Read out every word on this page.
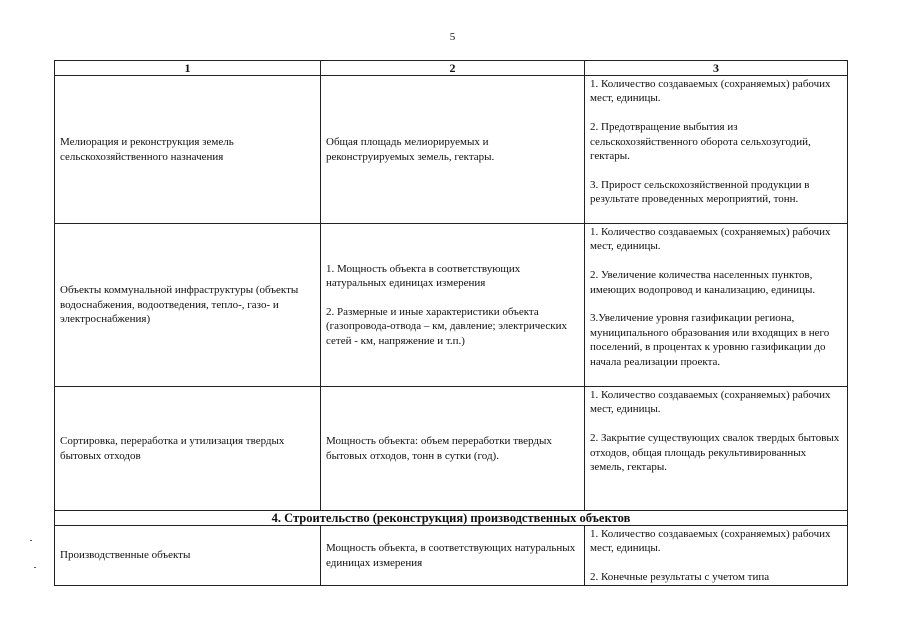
5
1	2	3
Мелиорация и реконструкция земель сельскохозяйственного назначения	Общая площадь мелиорируемых и реконструируемых земель, гектары.	1. Количество создаваемых (сохраняемых) рабочих мест, единицы.
2. Предотвращение выбытия из сельскохозяйственного оборота сельхозугодий, гектары.
3. Прирост сельскохозяйственной продукции в результате проведенных мероприятий, тонн.

Объекты коммунальной инфраструктуры (объекты водоснабжения, водоотведения, тепло-, газо- и электроснабжения)	1. Мощность объекта в соответствующих натуральных единицах измерения
2. Размерные и иные характеристики объекта (газопровода-отвода – км, давление; электрических сетей - км, напряжение и т.п.)	1. Количество создаваемых (сохраняемых) рабочих мест, единицы.
2. Увеличение количества населенных пунктов, имеющих водопровод и канализацию, единицы.
3.Увеличение уровня газификации региона, муниципального образования или входящих в него поселений, в процентах к уровню газификации до начала реализации проекта.

Сортировка, переработка и утилизация твердых бытовых отходов	Мощность объекта: объем переработки твердых бытовых отходов, тонн в сутки (год).	1. Количество создаваемых (сохраняемых) рабочих мест, единицы.
2. Закрытие существующих свалок твердых бытовых отходов, общая площадь рекультивированных земель, гектары.

4. Строительство (реконструкция) производственных объектов		
Производственные объекты	Мощность объекта, в соответствующих натуральных единицах измерения	1. Количество создаваемых (сохраняемых) рабочих мест, единицы.
2. Конечные результаты с учетом типа
